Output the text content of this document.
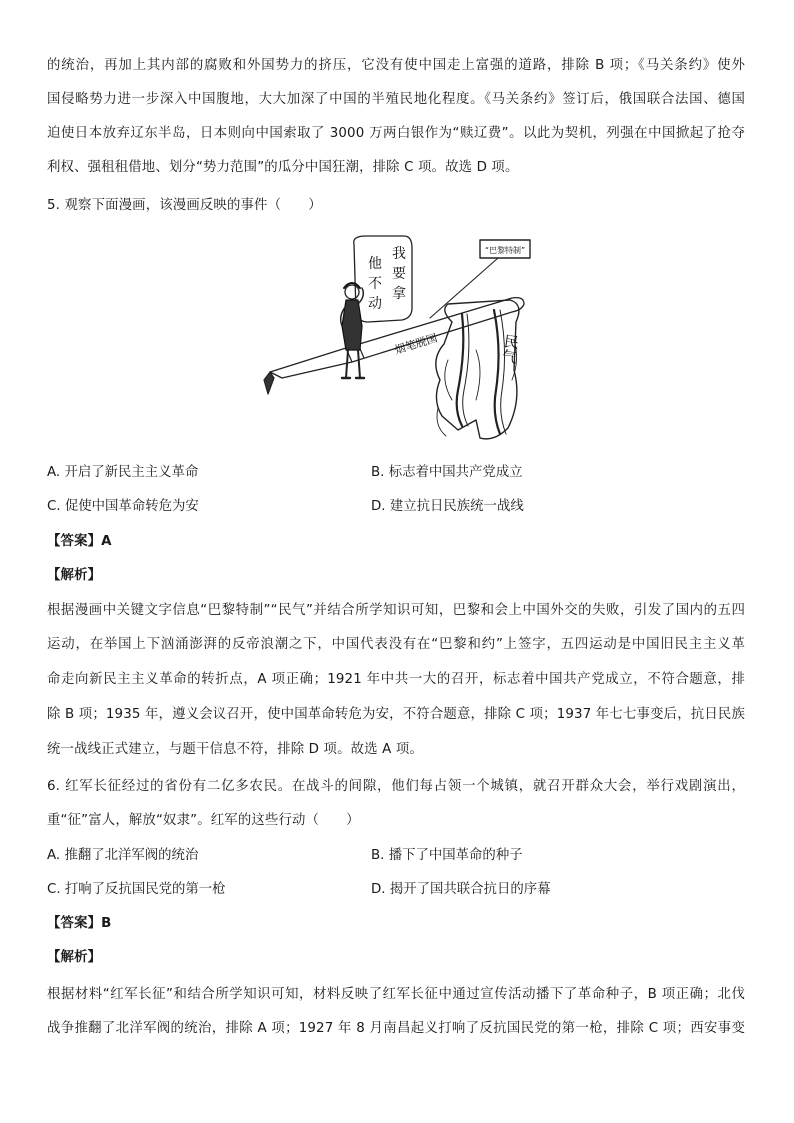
的统治，再加上其内部的腐败和外国势力的挤压，它没有使中国走上富强的道路，排除 B 项；《马关条约》使外
国侵略势力进一步深入中国腹地，大大加深了中国的半殖民地化程度。《马关条约》签订后，俄国联合法国、德国
迫使日本放弃辽东半岛，日本则向中国索取了 3000 万两白银作为“赎辽费”。以此为契机，列强在中国掀起了抢夺
利权、强租租借地、划分“势力范围”的瓜分中国狂潮，排除 C 项。故选 D 项。
5. 观察下面漫画，该漫画反映的事件（　　）
“巴黎特制”
我
要
拿
他
不
动
烟笔脱国	民气
A. 开启了新民主主义革命	B. 标志着中国共产党成立
C. 促使中国革命转危为安	D. 建立抗日民族统一战线
【答案】A
【解析】
根据漫画中关键文字信息“巴黎特制”“民气”并结合所学知识可知，巴黎和会上中国外交的失败，引发了国内的五四
运动，在举国上下汹涌澎湃的反帝浪潮之下，中国代表没有在“巴黎和约”上签字，五四运动是中国旧民主主义革
命走向新民主主义革命的转折点，A 项正确；1921 年中共一大的召开，标志着中国共产党成立，不符合题意，排
除 B 项；1935 年，遵义会议召开，使中国革命转危为安，不符合题意，排除 C 项；1937 年七七事变后，抗日民族
统一战线正式建立，与题干信息不符，排除 D 项。故选 A 项。
6. 红军长征经过的省份有二亿多农民。在战斗的间隙，他们每占领一个城镇，就召开群众大会，举行戏剧演出，
重“征”富人，解放“奴隶”。红军的这些行动（　　）
A. 推翻了北洋军阀的统治	B. 播下了中国革命的种子
C. 打响了反抗国民党的第一枪	D. 揭开了国共联合抗日的序幕
【答案】B
【解析】
根据材料“红军长征”和结合所学知识可知，材料反映了红军长征中通过宣传活动播下了革命种子，B 项正确；北伐
战争推翻了北洋军阀的统治，排除 A 项；1927 年 8 月南昌起义打响了反抗国民党的第一枪，排除 C 项；西安事变
